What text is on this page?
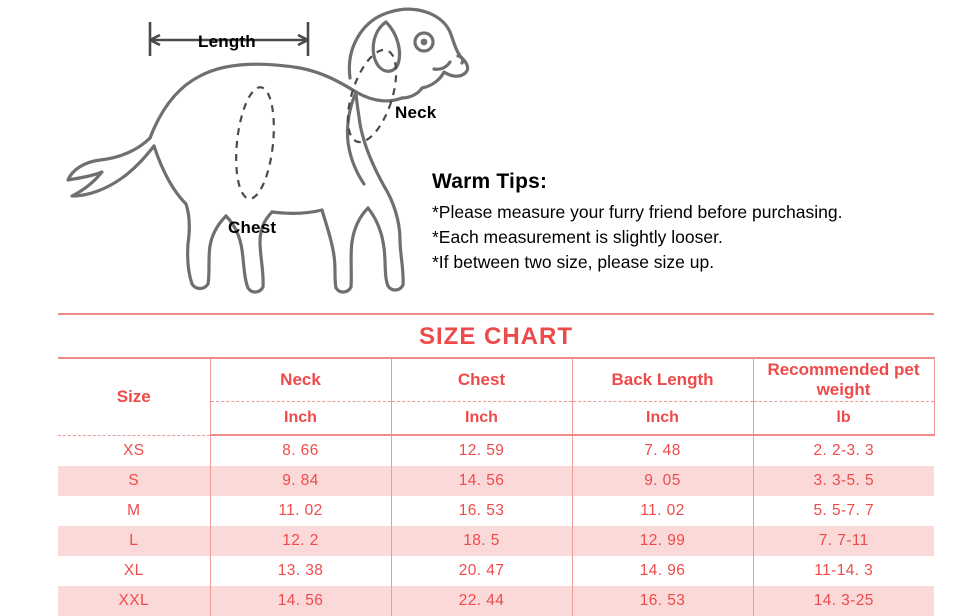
Length
Neck
Chest
Warm Tips:
*Please measure your furry friend before purchasing.
*Each measurement is slightly looser.
*If between two size, please size up.
SIZE CHART
Size	Neck	Chest	Back Length	Recommended pet weight
	Inch	Inch	Inch	lb
XS	8. 66	12. 59	7. 48	2. 2-3. 3
S	9. 84	14. 56	9. 05	3. 3-5. 5
M	11. 02	16. 53	11. 02	5. 5-7. 7
L	12. 2	18. 5	12. 99	7. 7-11
XL	13. 38	20. 47	14. 96	11-14. 3
XXL	14. 56	22. 44	16. 53	14. 3-25
